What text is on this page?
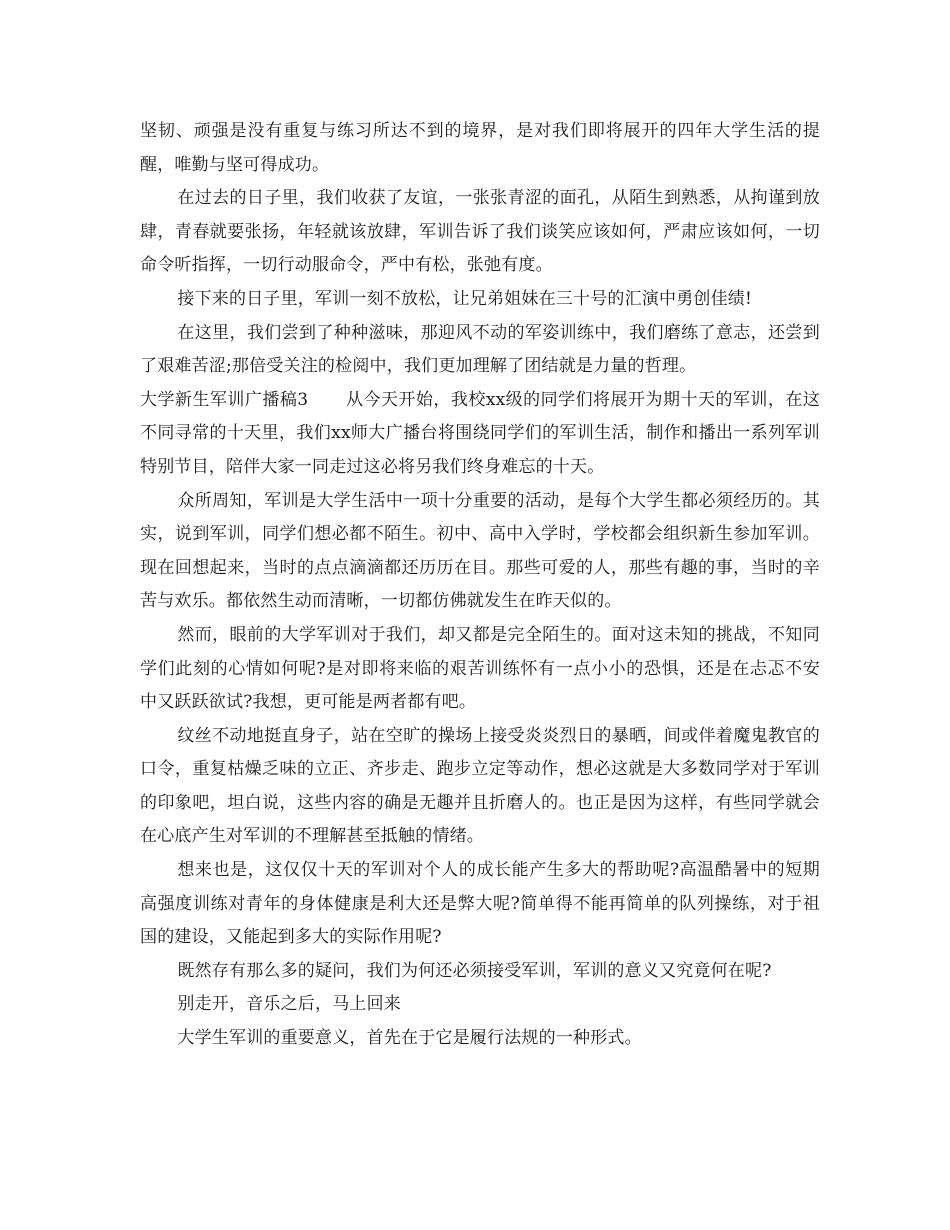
坚韧、顽强是没有重复与练习所达不到的境界，是对我们即将展开的四年大学生活的提醒，唯勤与坚可得成功。

在过去的日子里，我们收获了友谊，一张张青涩的面孔，从陌生到熟悉，从拘谨到放肆，青春就要张扬，年轻就该放肆，军训告诉了我们谈笑应该如何，严肃应该如何，一切命令听指挥，一切行动服命令，严中有松，张弛有度。

接下来的日子里，军训一刻不放松，让兄弟姐妹在三十号的汇演中勇创佳绩!

在这里，我们尝到了种种滋味，那迎风不动的军姿训练中，我们磨练了意志，还尝到了艰难苦涩;那倍受关注的检阅中，我们更加理解了团结就是力量的哲理。

大学新生军训广播稿3 从今天开始，我校xx级的同学们将展开为期十天的军训，在这不同寻常的十天里，我们xx师大广播台将围绕同学们的军训生活，制作和播出一系列军训特别节目，陪伴大家一同走过这必将另我们终身难忘的十天。

众所周知，军训是大学生活中一项十分重要的活动，是每个大学生都必须经历的。其实，说到军训，同学们想必都不陌生。初中、高中入学时，学校都会组织新生参加军训。现在回想起来，当时的点点滴滴都还历历在目。那些可爱的人，那些有趣的事，当时的辛苦与欢乐。都依然生动而清晰，一切都仿佛就发生在昨天似的。

然而，眼前的大学军训对于我们，却又都是完全陌生的。面对这未知的挑战，不知同学们此刻的心情如何呢?是对即将来临的艰苦训练怀有一点小小的恐惧，还是在忐忑不安中又跃跃欲试?我想，更可能是两者都有吧。

纹丝不动地挺直身子，站在空旷的操场上接受炎炎烈日的暴晒，间或伴着魔鬼教官的口令，重复枯燥乏味的立正、齐步走、跑步立定等动作，想必这就是大多数同学对于军训的印象吧，坦白说，这些内容的确是无趣并且折磨人的。也正是因为这样，有些同学就会在心底产生对军训的不理解甚至抵触的情绪。

想来也是，这仅仅十天的军训对个人的成长能产生多大的帮助呢?高温酷暑中的短期高强度训练对青年的身体健康是利大还是弊大呢?简单得不能再简单的队列操练，对于祖国的建设，又能起到多大的实际作用呢?

既然存有那么多的疑问，我们为何还必须接受军训，军训的意义又究竟何在呢?

别走开，音乐之后，马上回来

大学生军训的重要意义，首先在于它是履行法规的一种形式。
